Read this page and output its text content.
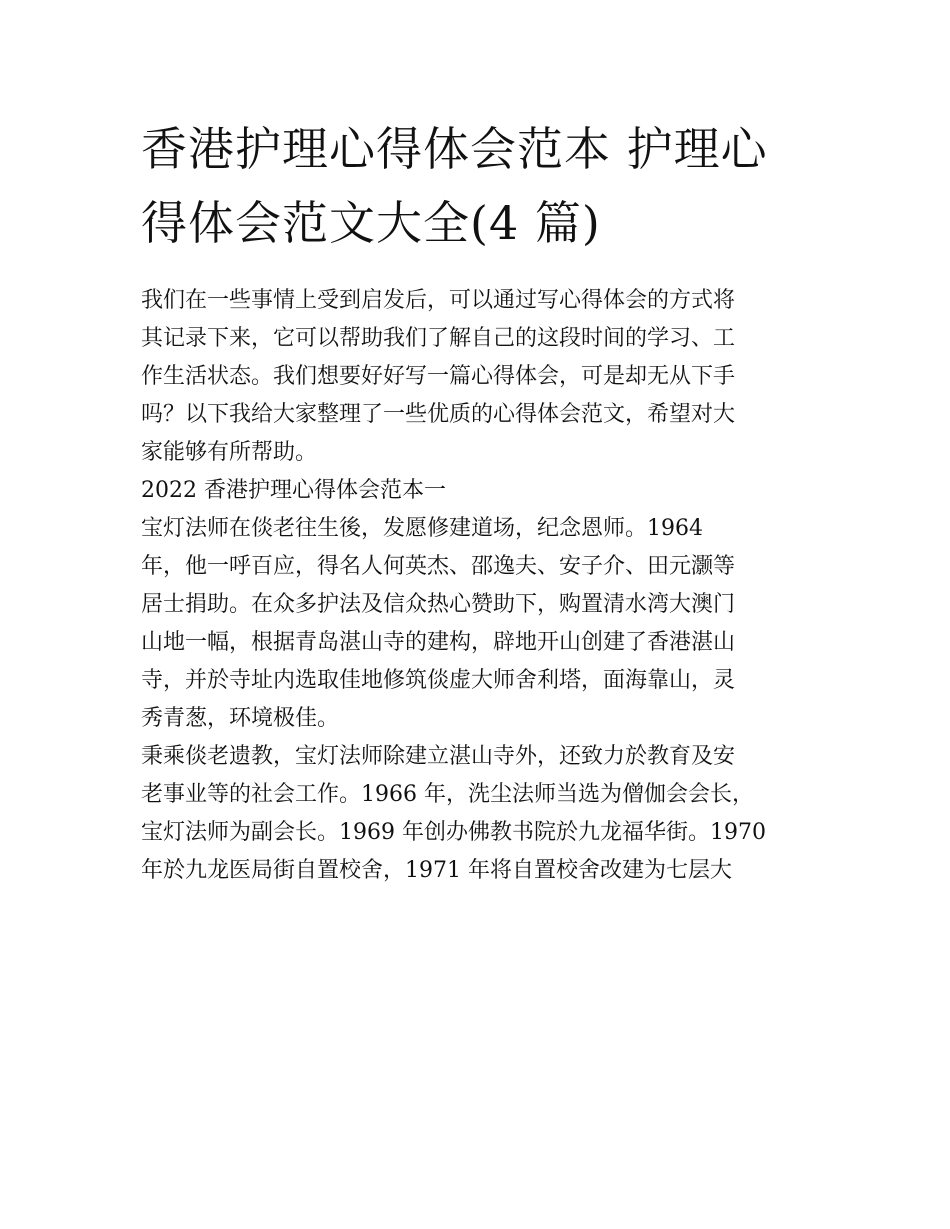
香港护理心得体会范本 护理心
得体会范文大全(4 篇)
我们在一些事情上受到启发后，可以通过写心得体会的方式将
其记录下来，它可以帮助我们了解自己的这段时间的学习、工
作生活状态。我们想要好好写一篇心得体会，可是却无从下手
吗？以下我给大家整理了一些优质的心得体会范文，希望对大
家能够有所帮助。
2022 香港护理心得体会范本一
宝灯法师在倓老往生後，发愿修建道场，纪念恩师。1964
年，他一呼百应，得名人何英杰、邵逸夫、安子介、田元灏等
居士捐助。在众多护法及信众热心赞助下，购置清水湾大澳门
山地一幅，根据青岛湛山寺的建构，辟地开山创建了香港湛山
寺，并於寺址内选取佳地修筑倓虚大师舍利塔，面海靠山，灵
秀青葱，环境极佳。
秉乘倓老遗教，宝灯法师除建立湛山寺外，还致力於教育及安
老事业等的社会工作。1966 年，洗尘法师当选为僧伽会会长，
宝灯法师为副会长。1969 年创办佛教书院於九龙福华街。1970
年於九龙医局街自置校舍，1971 年将自置校舍改建为七层大
